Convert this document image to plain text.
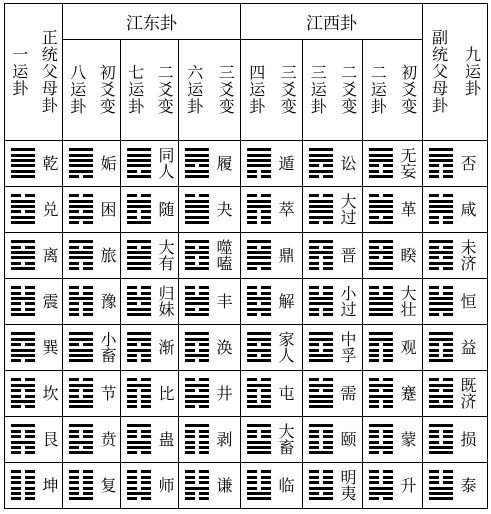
一运卦 正统父母卦	江东卦			江西卦			副统父母卦 九运卦

	八运卦 初爻变	七运卦 二爻变	六运卦 三爻变	四运卦 三爻变	三运卦 二爻变	二运卦 初爻变	

乾	姤	同人	履	遁	讼	无妄	否

兑	困	随	夬	萃	大过	革	咸

离	旅	大有	噬嗑	鼎	晋	睽	未济

震	豫	归妹	丰	解	小过	大壮	恒

巽	小畜	渐	涣	家人	中孚	观	益

坎	节	比	井	屯	需	蹇	既济

艮	贲	蛊	剥	大畜	颐	蒙	损

坤	复	师	谦	临	明夷	升	泰
